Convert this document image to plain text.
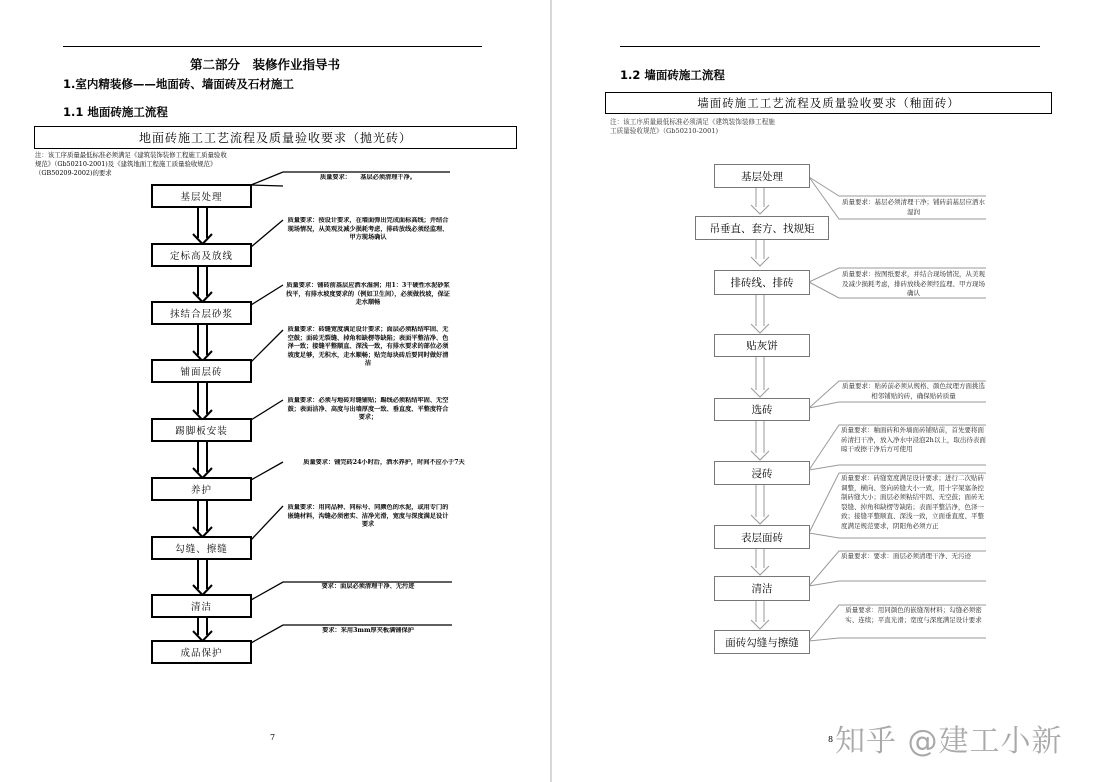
第二部分　装修作业指导书
1.室内精装修——地面砖、墙面砖及石材施工
1.1 地面砖施工流程
地面砖施工工艺流程及质量验收要求（抛光砖）
注：该工序质量最低标准必须满足《建筑装饰装修工程施工质量验收规范》（Gb50210-2001)及《建筑地面工程施工质量验收规范》（GB50209-2002)的要求
基层处理
定标高及放线
抹结合层砂浆
铺面层砖
踢脚板安装
养护
勾缝、擦缝
清洁
成品保护
质量要求：　　基层必须清理干净。
质量要求：按设计要求，在墙面弹出完成面标高线；并结合现场情况，从美观及减少损耗考虑，排砖放线必须经监理、甲方现场确认
质量要求：铺砖前基层应洒水湿润；用1：3干硬性水泥砂浆找平，有排水坡度要求的（例如卫生间），必须做找坡，保证走水顺畅
质量要求：砖缝宽度满足设计要求；面层必须粘结牢固、无空鼓；面砖无裂缝、掉角和缺楞等缺陷；表面平整洁净、色泽一致；接缝平整顺直、深浅一致，有排水要求的部位必须坡度足够，无积水，走水顺畅；贴完每块砖后要同时做好清洁
质量要求：必须与地砖对缝铺贴；踢线必须粘结牢固、无空鼓；表面洁净、高度与出墙厚度一致、垂直度、平整度符合要求；
质量要求：铺完砖24小时后，洒水养护，时间不应小于7天
质量要求：用同品种、同标号、同颜色的水泥，或用专门的嵌缝材料，沟缝必须密实、洁净光滑，宽度与深度满足设计要求
要求：面层必须清理干净、无污迹
要求：采用3mm厚夹板满铺保护
7
1.2 墙面砖施工流程
墙面砖施工工艺流程及质量验收要求（釉面砖）
注：该工序质量最低标准必须满足《建筑装饰装修工程施工质量验收规范》（Gb50210-2001)
基层处理
吊垂直、套方、找规矩
排砖线、排砖
贴灰饼
选砖
浸砖
表层面砖
清洁
面砖勾缝与擦缝
质量要求：基层必须清理干净；铺砖前基层应洒水湿润
质量要求：按图纸要求，并结合现场情况，从美观及减少损耗考虑，排砖放线必须经监理、甲方现场确认
质量要求：贴砖前必须从规格、颜色纹理方面挑选相邻铺贴的砖，确保贴砖质量
质量要求：釉面砖和外墙面砖铺贴前，首先要将面砖清扫干净，放入净水中浸泡2h以上，取出待表面晾干或擦干净后方可使用
质量要求：砖缝宽度满足设计要求；进行二次贴砖调整，横向、竖向砖缝大小一致，用十字架塞条控制砖缝大小；面层必须粘结牢固、无空鼓；面砖无裂缝、掉角和缺楞等缺陷；表面平整洁净，色泽一致；接缝平整顺直、深浅一致，立面垂直度、平整度满足规范要求，阴阳角必须方正
质量要求：要求：面层必须清理干净、无污迹
质量要求：用同颜色的嵌缝剂材料；勾缝必须密实、连续；平直光滑；宽度与深度满足设计要求
8 知乎 @建工小新
